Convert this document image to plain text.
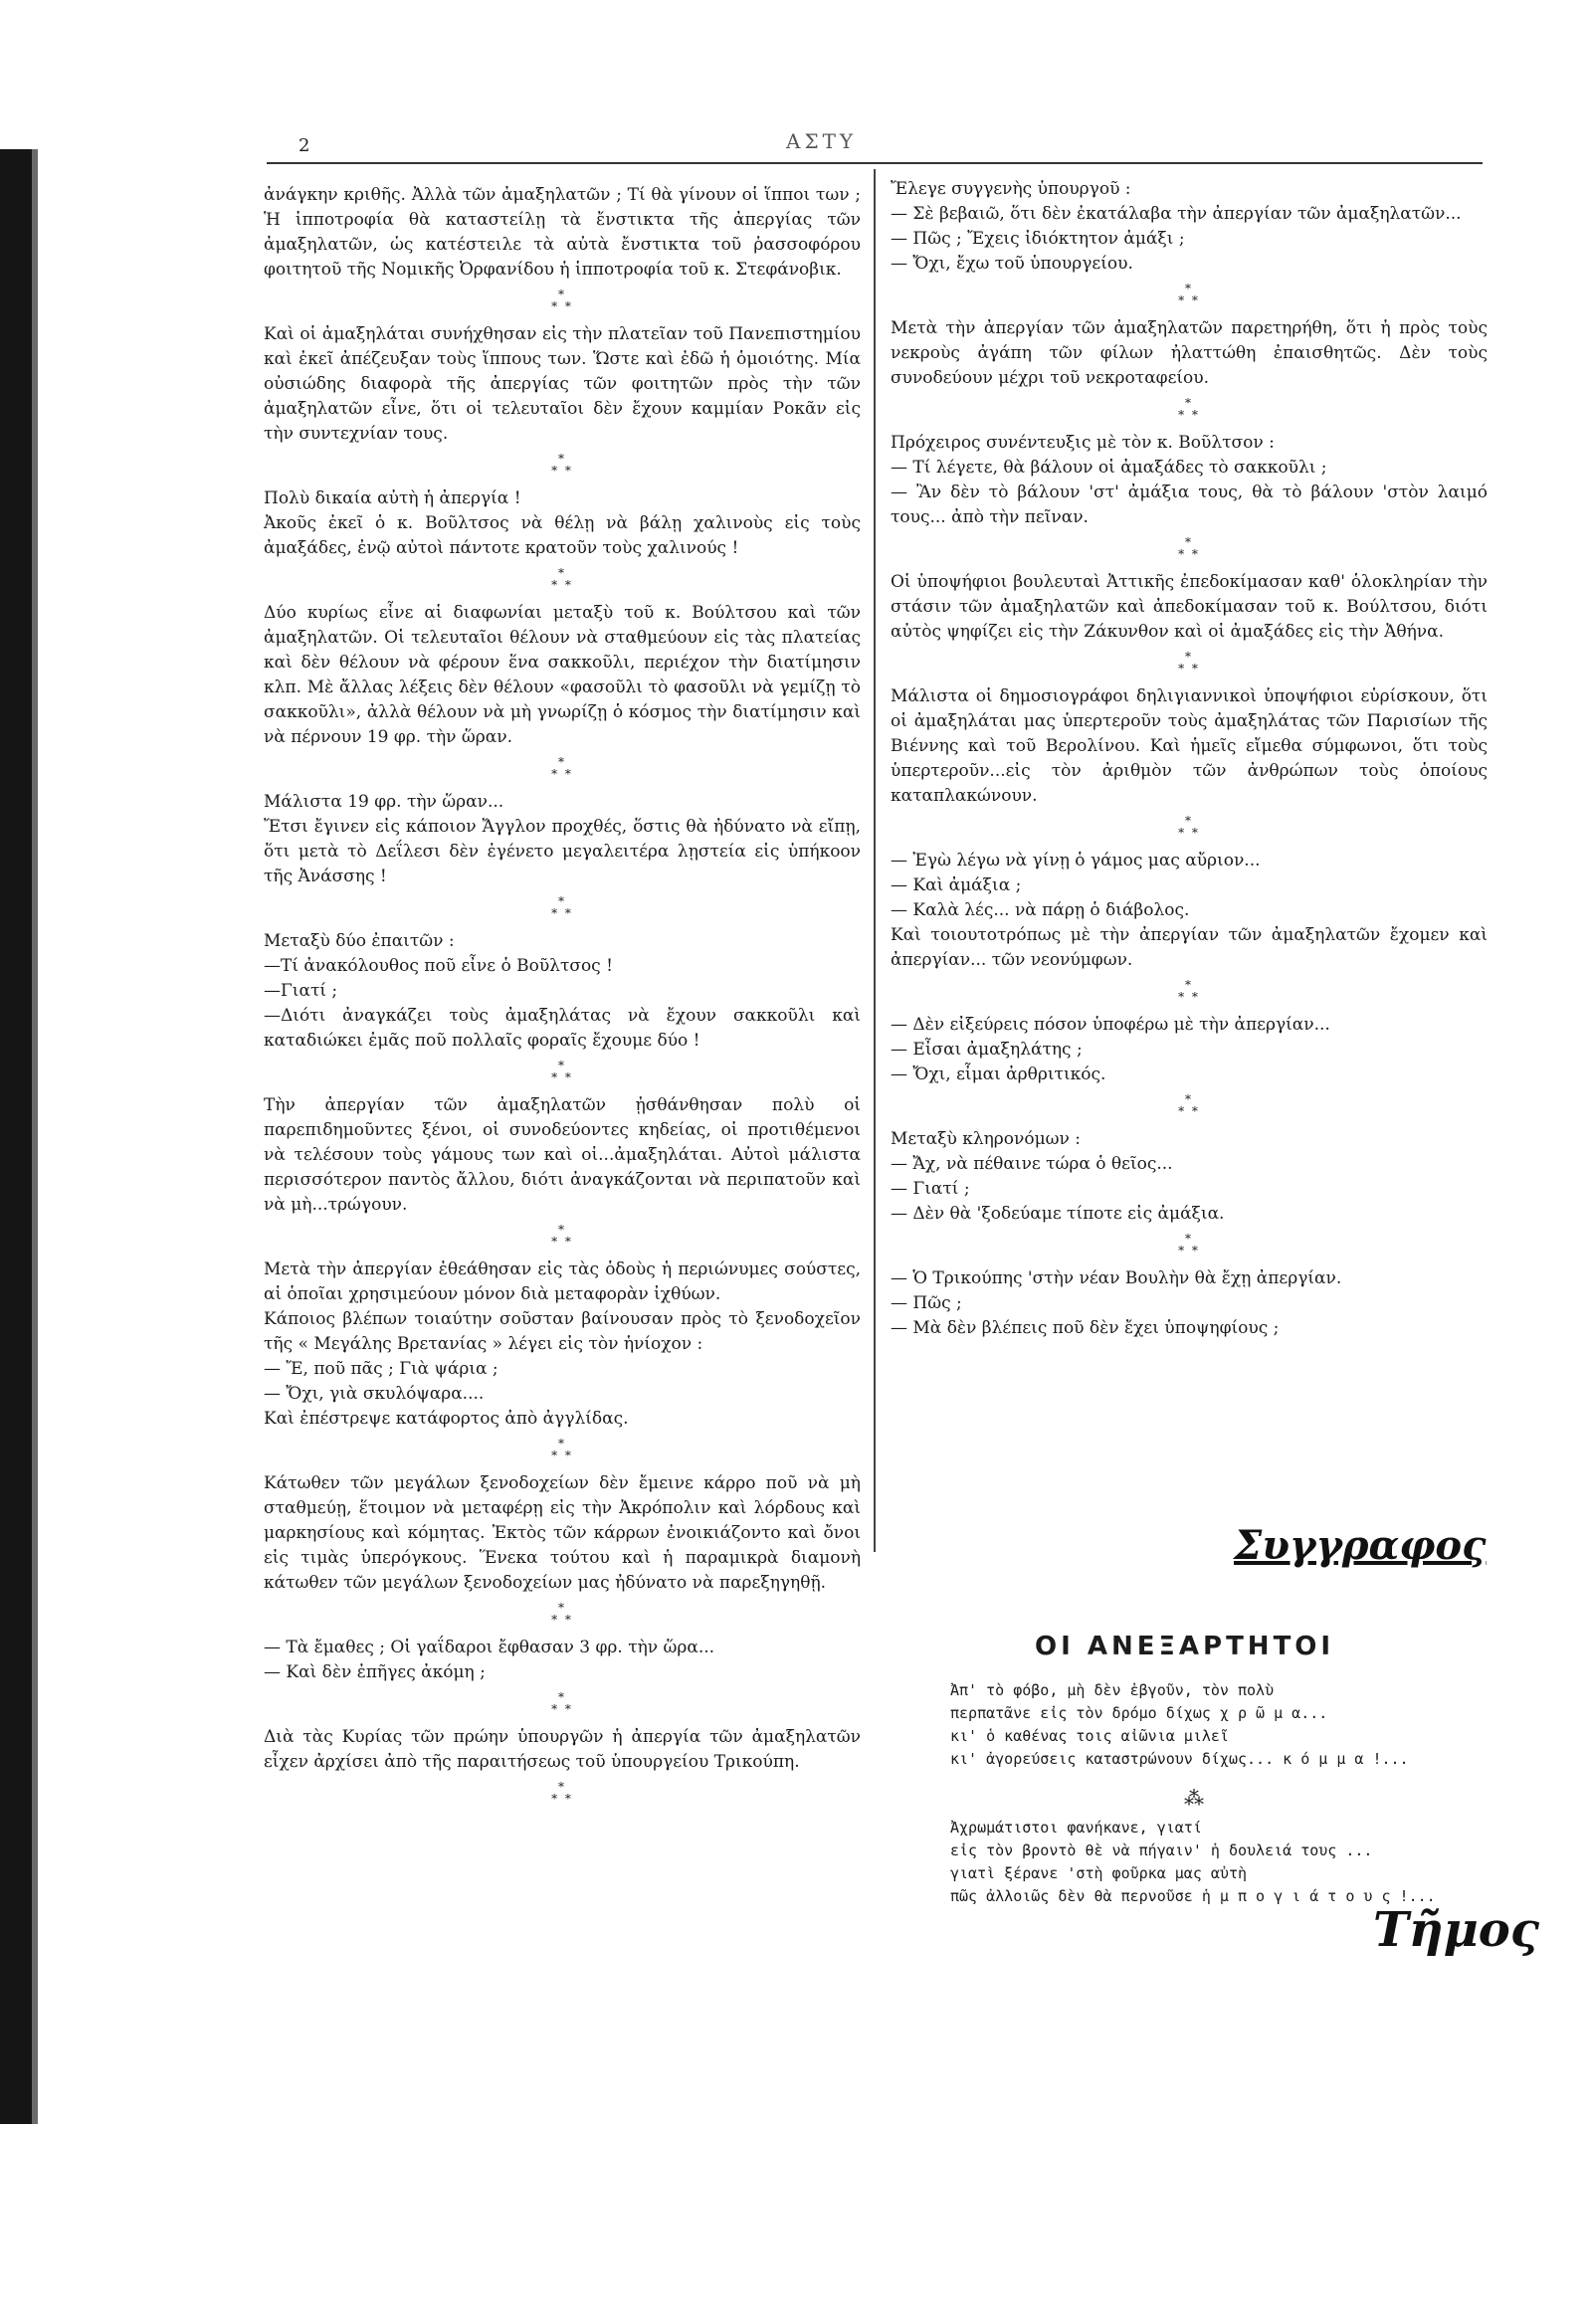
2	ΑΣΤΥ

ἀνάγκην κριθῆς. Ἀλλὰ τῶν ἀμαξηλατῶν ; Τί θὰ γίνουν οἱ ἵπποι των ; Ἡ ἱπποτροφία θὰ καταστείλῃ τὰ ἔνστικτα τῆς ἀπεργίας τῶν ἀμαξηλατῶν, ὡς κατέστειλε τὰ αὐτὰ ἔνστικτα τοῦ ῥασσοφόρου φοιτητοῦ τῆς Νομικῆς Ὀρφανίδου ἡ ἱπποτροφία τοῦ κ. Στεφάνοβικ.

* * *

Καὶ οἱ ἀμαξηλάται συνήχθησαν εἰς τὴν πλατεῖαν τοῦ Πανεπιστημίου καὶ ἐκεῖ ἀπέζευξαν τοὺς ἵππους των. Ὥστε καὶ ἐδῶ ἡ ὁμοιότης. Μία οὐσιώδης διαφορὰ τῆς ἀπεργίας τῶν φοιτητῶν πρὸς τὴν τῶν ἀμαξηλατῶν εἶνε, ὅτι οἱ τελευταῖοι δὲν ἔχουν καμμίαν Ροκᾶν εἰς τὴν συντεχνίαν τους.

* * *

Πολὺ δικαία αὐτὴ ἡ ἀπεργία !

Ἀκοῦς ἐκεῖ ὁ κ. Βοῦλτσος νὰ θέλῃ νὰ βάλῃ χαλινοὺς εἰς τοὺς ἀμαξάδες, ἐνῷ αὐτοὶ πάντοτε κρατοῦν τοὺς χαλινούς !

* * *

Δύο κυρίως εἶνε αἱ διαφωνίαι μεταξὺ τοῦ κ. Βούλτσου καὶ τῶν ἀμαξηλατῶν. Οἱ τελευταῖοι θέλουν νὰ σταθμεύουν εἰς τὰς πλατείας καὶ δὲν θέλουν νὰ φέρουν ἕνα σακκοῦλι, περιέχον τὴν διατίμησιν κλπ. Μὲ ἄλλας λέξεις δὲν θέλουν «φασοῦλι τὸ φασοῦλι νὰ γεμίζῃ τὸ σακκοῦλι», ἀλλὰ θέλουν νὰ μὴ γνωρίζῃ ὁ κόσμος τὴν διατίμησιν καὶ νὰ πέρνουν 19 φρ. τὴν ὥραν.

* * *

Μάλιστα 19 φρ. τὴν ὥραν...

Ἔτσι ἔγινεν εἰς κάποιον Ἄγγλον προχθές, ὅστις θὰ ἠδύνατο νὰ εἴπῃ, ὅτι μετὰ τὸ Δεΐλεσι δὲν ἐγένετο μεγαλειτέρα λῃστεία εἰς ὑπήκοον τῆς Ἀνάσσης !

* * *

Μεταξὺ δύο ἐπαιτῶν :

—Τί ἀνακόλουθος ποῦ εἶνε ὁ Βοῦλτσος !

—Γιατί ;

—Διότι ἀναγκάζει τοὺς ἀμαξηλάτας νὰ ἔχουν σακκοῦλι καὶ καταδιώκει ἐμᾶς ποῦ πολλαῖς φοραῖς ἔχουμε δύο !

* * *

Τὴν ἀπεργίαν τῶν ἀμαξηλατῶν ᾐσθάνθησαν πολὺ οἱ παρεπιδημοῦντες ξένοι, οἱ συνοδεύοντες κηδείας, οἱ προτιθέμενοι νὰ τελέσουν τοὺς γάμους των καὶ οἱ...ἀμαξηλάται. Αὐτοὶ μάλιστα περισσότερον παντὸς ἄλλου, διότι ἀναγκάζονται νὰ περιπατοῦν καὶ νὰ μὴ...τρώγουν.

* * *

Μετὰ τὴν ἀπεργίαν ἐθεάθησαν εἰς τὰς ὁδοὺς ἡ περιώνυμες σούστες, αἱ ὁποῖαι χρησιμεύουν μόνον διὰ μεταφορὰν ἰχθύων.

Κάποιος βλέπων τοιαύτην σοῦσταν βαίνουσαν πρὸς τὸ ξενοδοχεῖον τῆς « Μεγάλης Βρετανίας » λέγει εἰς τὸν ἡνίοχον :

— Ἔ, ποῦ πᾶς ; Γιὰ ψάρια ;

— Ὄχι, γιὰ σκυλόψαρα....

Καὶ ἐπέστρεψε κατάφορτος ἀπὸ ἀγγλίδας.

* * *

Κάτωθεν τῶν μεγάλων ξενοδοχείων δὲν ἔμεινε κάρρο ποῦ νὰ μὴ σταθμεύῃ, ἕτοιμον νὰ μεταφέρῃ εἰς τὴν Ἀκρόπολιν καὶ λόρδους καὶ μαρκησίους καὶ κόμητας. Ἐκτὸς τῶν κάρρων ἐνοικιάζοντο καὶ ὄνοι εἰς τιμὰς ὑπερόγκους. Ἕνεκα τούτου καὶ ἡ παραμικρὰ διαμονὴ κάτωθεν τῶν μεγάλων ξενοδοχείων μας ἠδύνατο νὰ παρεξηγηθῇ.

* * *

— Τὰ ἔμαθες ; Οἱ γαΐδαροι ἔφθασαν 3 φρ. τὴν ὥρα...

— Καὶ δὲν ἐπῆγες ἀκόμη ;

* * *

Διὰ τὰς Κυρίας τῶν πρώην ὑπουργῶν ἡ ἀπεργία τῶν ἀμαξηλατῶν εἶχεν ἀρχίσει ἀπὸ τῆς παραιτήσεως τοῦ ὑπουργείου Τρικούπη.

* * *

Ἔλεγε συγγενὴς ὑπουργοῦ :

— Σὲ βεβαιῶ, ὅτι δὲν ἐκατάλαβα τὴν ἀπεργίαν τῶν ἀμαξηλατῶν...

— Πῶς ; Ἔχεις ἰδιόκτητον ἀμάξι ;

— Ὄχι, ἔχω τοῦ ὑπουργείου.

* * *

Μετὰ τὴν ἀπεργίαν τῶν ἀμαξηλατῶν παρετηρήθη, ὅτι ἡ πρὸς τοὺς νεκροὺς ἀγάπη τῶν φίλων ἠλαττώθη ἐπαισθητῶς. Δὲν τοὺς συνοδεύουν μέχρι τοῦ νεκροταφείου.

* * *

Πρόχειρος συνέντευξις μὲ τὸν κ. Βοῦλτσον :

— Τί λέγετε, θὰ βάλουν οἱ ἀμαξάδες τὸ σακκοῦλι ;

— Ἂν δὲν τὸ βάλουν 'στ' ἀμάξια τους, θὰ τὸ βάλουν 'στὸν λαιμό τους... ἀπὸ τὴν πεῖναν.

* * *

Οἱ ὑποψήφιοι βουλευταὶ Ἀττικῆς ἐπεδοκίμασαν καθ' ὁλοκληρίαν τὴν στάσιν τῶν ἀμαξηλατῶν καὶ ἀπεδοκίμασαν τοῦ κ. Βούλτσου, διότι αὐτὸς ψηφίζει εἰς τὴν Ζάκυνθον καὶ οἱ ἀμαξάδες εἰς τὴν Ἀθήνα.

* * *

Μάλιστα οἱ δημοσιογράφοι δηλιγιαννικοὶ ὑποψήφιοι εὑρίσκουν, ὅτι οἱ ἀμαξηλάται μας ὑπερτεροῦν τοὺς ἀμαξηλάτας τῶν Παρισίων τῆς Βιέννης καὶ τοῦ Βερολίνου. Καὶ ἡμεῖς εἴμεθα σύμφωνοι, ὅτι τοὺς ὑπερτεροῦν...εἰς τὸν ἀριθμὸν τῶν ἀνθρώπων τοὺς ὁποίους καταπλακώνουν.

* * *

— Ἐγὼ λέγω νὰ γίνῃ ὁ γάμος μας αὔριον...

— Καὶ ἀμάξια ;

— Καλὰ λές... νὰ πάρῃ ὁ διάβολος.

Καὶ τοιουτοτρόπως μὲ τὴν ἀπεργίαν τῶν ἀμαξηλατῶν ἔχομεν καὶ ἀπεργίαν... τῶν νεονύμφων.

* * *

— Δὲν εἰξεύρεις πόσον ὑποφέρω μὲ τὴν ἀπεργίαν...

— Εἶσαι ἀμαξηλάτης ;

— Ὄχι, εἶμαι ἀρθριτικός.

* * *

Μεταξὺ κληρονόμων :

— Ἄχ, νὰ πέθαινε τώρα ὁ θεῖος...

— Γιατί ;

— Δὲν θὰ 'ξοδεύαμε τίποτε εἰς ἀμάξια.

* * *

— Ὁ Τρικούπης 'στὴν νέαν Βουλὴν θὰ ἔχῃ ἀπεργίαν.

— Πῶς ;

— Μὰ δὲν βλέπεις ποῦ δὲν ἔχει ὑποψηφίους ;

Συγγραφος
ΟΙ ΑΝΕΞΑΡΤΗΤΟΙ

Ἀπ' τὸ φόβο, μὴ δὲν ἐβγοῦν, τὸν πολὺ

περπατᾶνε εἰς τὸν δρόμο δίχως χ ρ ῶ μ α...

κι' ὁ καθένας τοις αἰῶνια μιλεῖ

κι' ἀγορεύσεις καταστρώνουν δίχως... κ ό μ μ α !...

⁂

Ἀχρωμάτιστοι φανήκανε, γιατί

εἰς τὸν βροντὸ θὲ νὰ πήγαιν' ἡ δουλειά τους ...

γιατὶ ξέρανε 'στὴ φοῦρκα μας αὐτὴ

πῶς ἀλλοιῶς δὲν θὰ περνοῦσε ἡ μ π ο γ ι ά τ ο υ ς !...

Τῆμος
